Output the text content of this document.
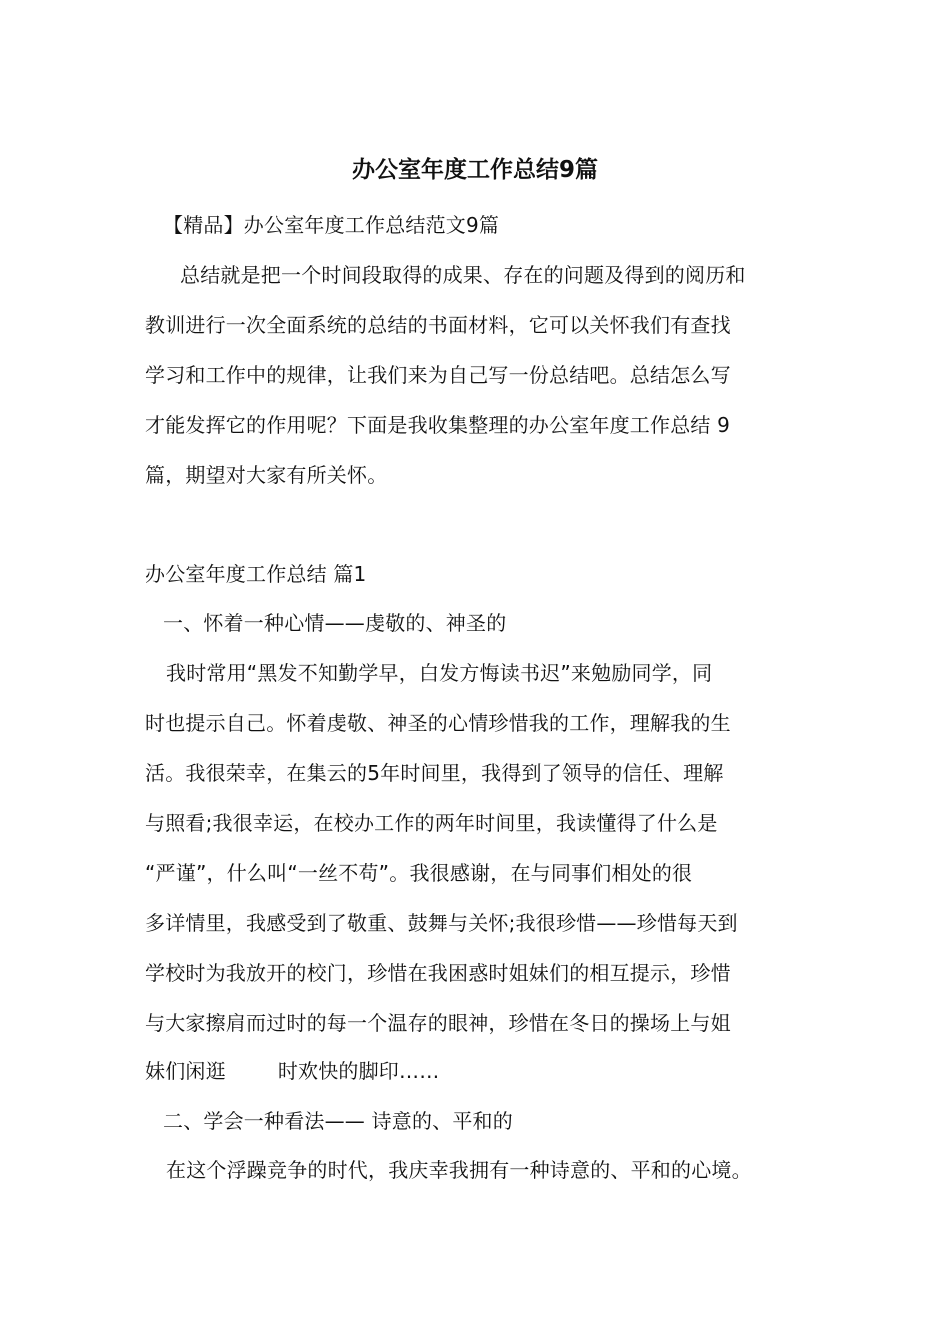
办公室年度工作总结9篇
【精品】办公室年度工作总结范文9篇
总结就是把一个时间段取得的成果、存在的问题及得到的阅历和
教训进行一次全面系统的总结的书面材料，它可以关怀我们有查找
学习和工作中的规律，让我们来为自己写一份总结吧。总结怎么写
才能发挥它的作用呢？下面是我收集整理的办公室年度工作总结 9
篇，期望对大家有所关怀。
办公室年度工作总结 篇1
一、怀着一种心情——虔敬的、神圣的
我时常用“黑发不知勤学早，白发方悔读书迟”来勉励同学，同
时也提示自己。怀着虔敬、神圣的心情珍惜我的工作，理解我的生
活。我很荣幸，在集云的5年时间里，我得到了领导的信任、理解
与照看;我很幸运，在校办工作的两年时间里，我读懂得了什么是
“严谨”，什么叫“一丝不苟”。我很感谢，在与同事们相处的很
多详情里，我感受到了敬重、鼓舞与关怀;我很珍惜——珍惜每天到
学校时为我放开的校门，珍惜在我困惑时姐妹们的相互提示，珍惜
与大家擦肩而过时的每一个温存的眼神，珍惜在冬日的操场上与姐
妹们闲逛	时欢快的脚印……
二、学会一种看法—— 诗意的、平和的
在这个浮躁竞争的时代，我庆幸我拥有一种诗意的、平和的心境。
